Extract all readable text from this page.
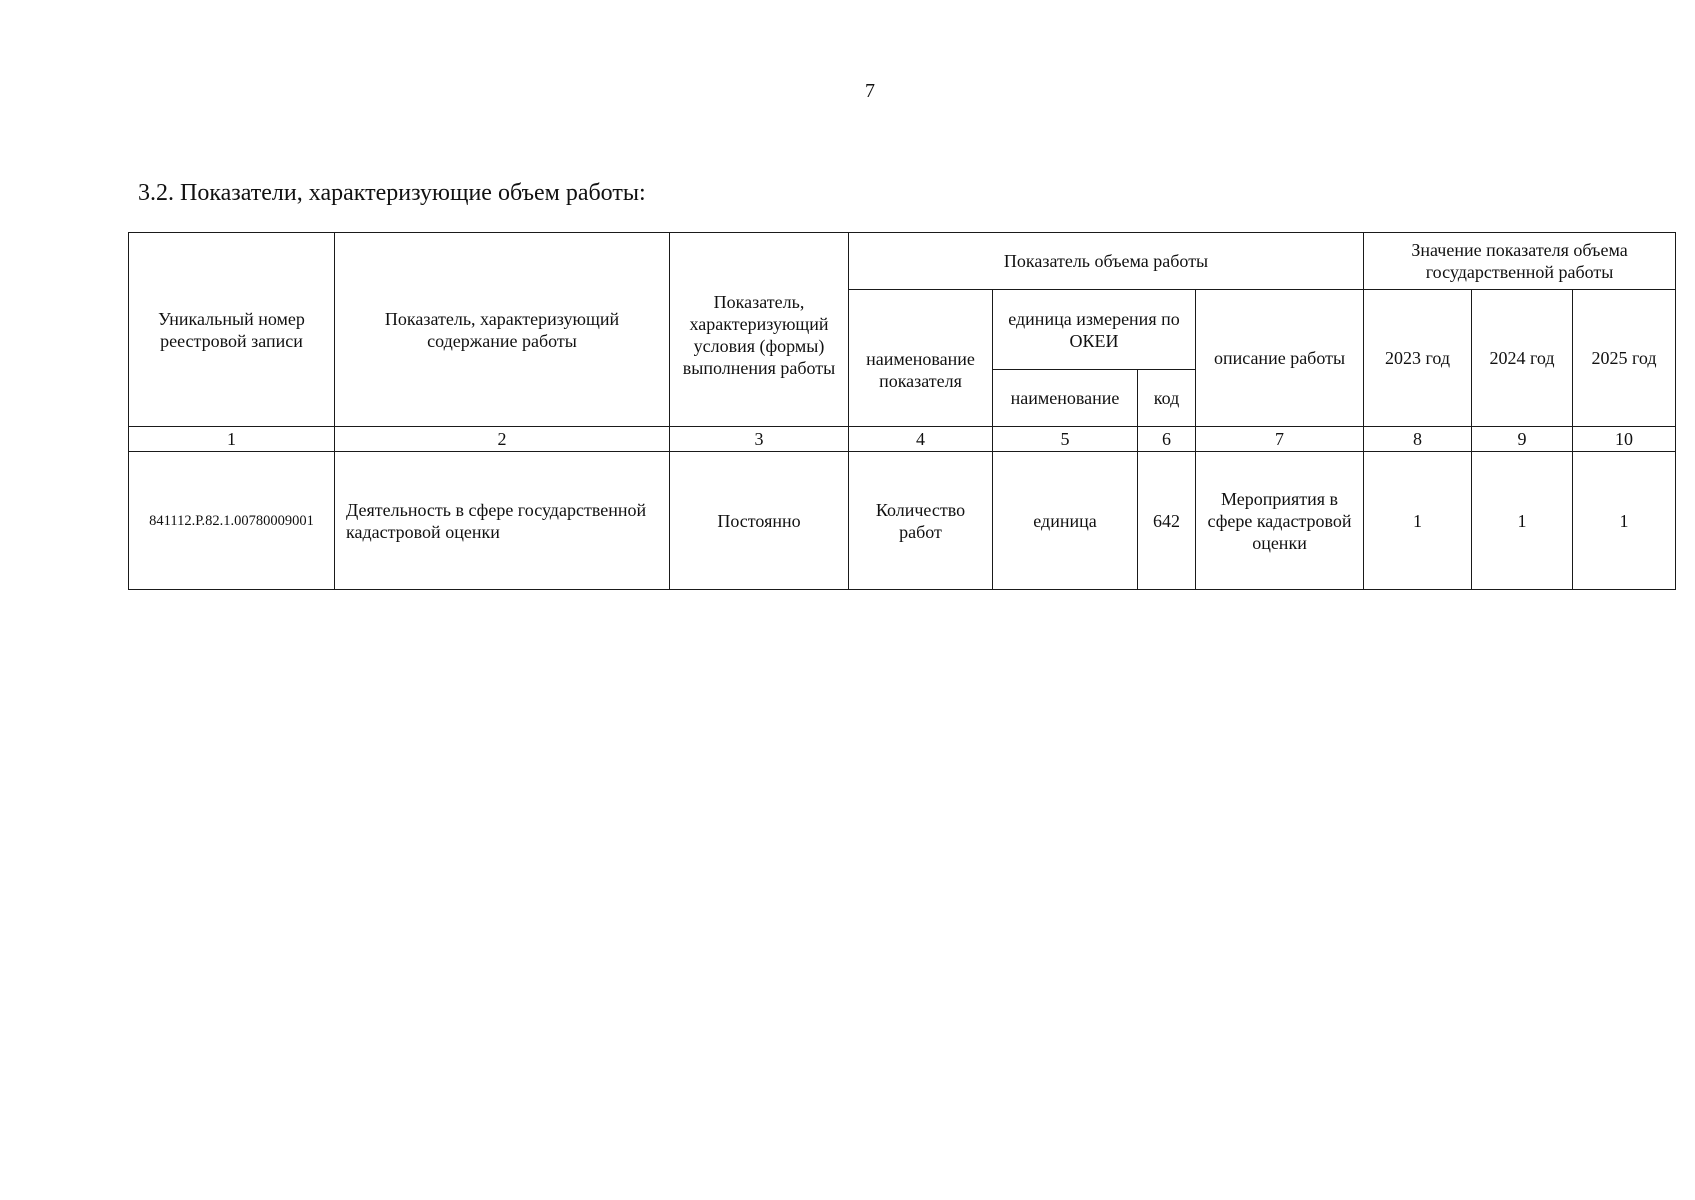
7
3.2. Показатели, характеризующие объем работы:
Уникальный номер реестровой записи	Показатель, характеризующий содержание работы	Показатель, характеризующий условия (формы) выполнения работы	Показатель объема работы				Значение показателя объема государственной работы		
			наименование показателя	единица измерения по ОКЕИ		описание работы	2023 год	2024 год	2025 год
				наименование	код				
1	2	3	4	5	6	7	8	9	10
841112.Р.82.1.00780009001	Деятельность в сфере государственной кадастровой оценки	Постоянно	Количество работ	единица	642	Мероприятия в сфере кадастровой оценки	1	1	1
